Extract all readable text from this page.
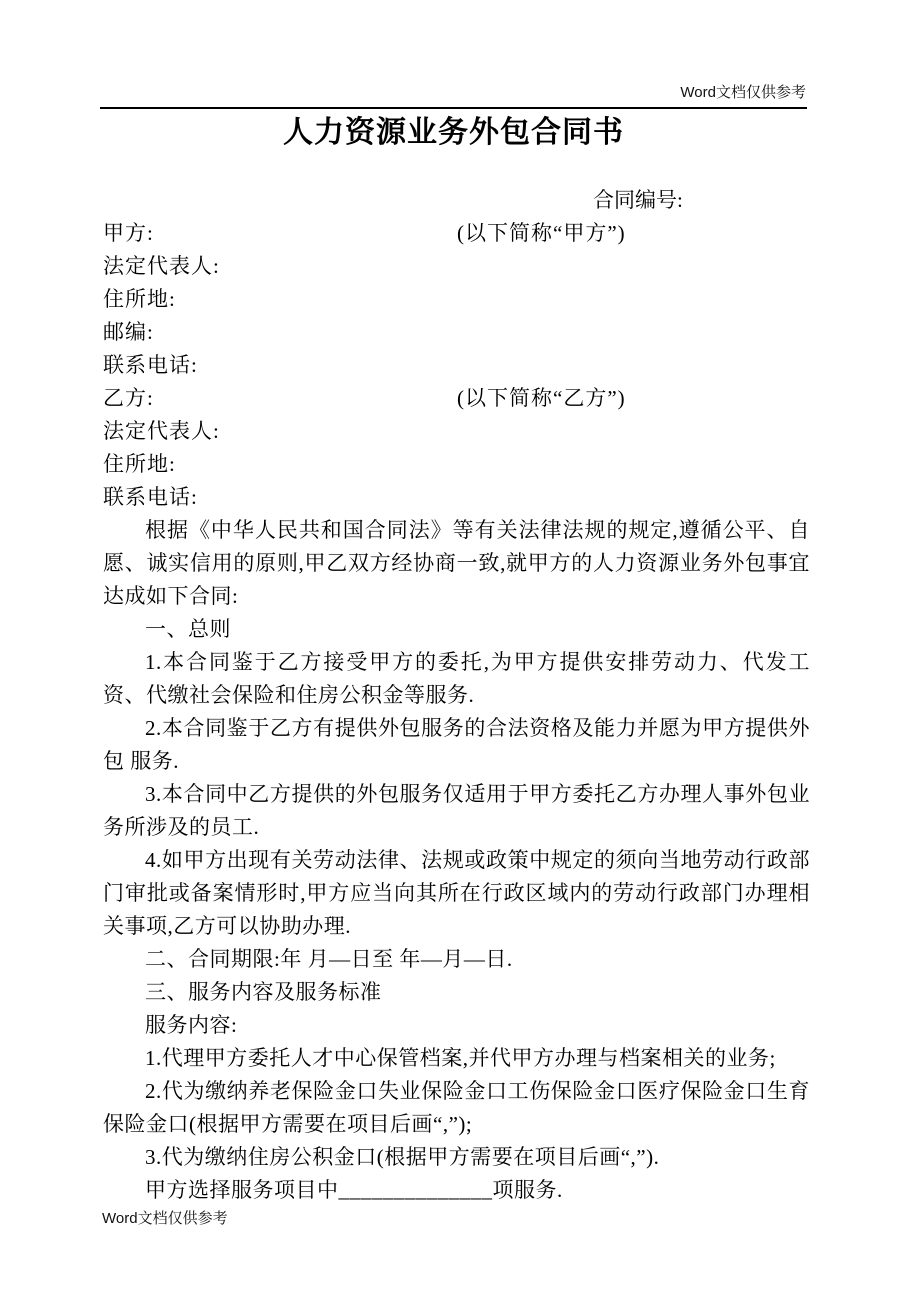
Word文档仅供参考
人力资源业务外包合同书
合同编号:
甲方:	(以下简称“甲方”)
法定代表人:
住所地:
邮编:
联系电话:
乙方:	(以下简称“乙方”)
法定代表人:
住所地:
联系电话:

根据《中华人民共和国合同法》等有关法律法规的规定,遵循公平、自愿、诚实信用的原则,甲乙双方经协商一致,就甲方的人力资源业务外包事宜达成如下合同:

一、总则

1.本合同鉴于乙方接受甲方的委托,为甲方提供安排劳动力、代发工资、代缴社会保险和住房公积金等服务.

2.本合同鉴于乙方有提供外包服务的合法资格及能力并愿为甲方提供外包 服务.

3.本合同中乙方提供的外包服务仅适用于甲方委托乙方办理人事外包业务所涉及的员工.

4.如甲方出现有关劳动法律、法规或政策中规定的须向当地劳动行政部门审批或备案情形时,甲方应当向其所在行政区域内的劳动行政部门办理相关事项,乙方可以协助办理.

二、合同期限:年 月—日至 年—月—日.

三、服务内容及服务标准

服务内容:

1.代理甲方委托人才中心保管档案,并代甲方办理与档案相关的业务;

2.代为缴纳养老保险金口失业保险金口工伤保险金口医疗保险金口生育保险金口(根据甲方需要在项目后画“,”);

3.代为缴纳住房公积金口(根据甲方需要在项目后画“,”).

甲方选择服务项目中______________项服务.

Word文档仅供参考
